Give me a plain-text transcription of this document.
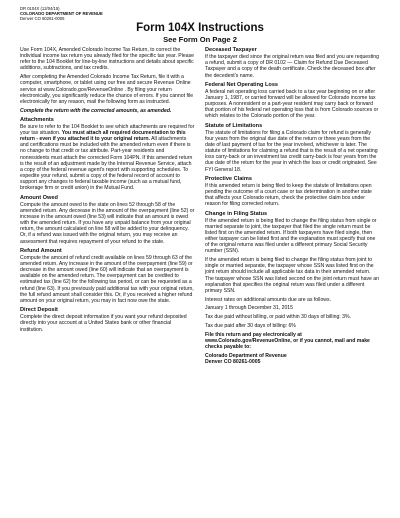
DR 0104X (12/04/15)
COLORADO DEPARTMENT OF REVENUE
Denver CO 80261-0005
Form 104X Instructions
See Form On Page 2

Use Form 104X, Amended Colorado Income Tax Return, to correct the individual income tax return you already filed for the specific tax year. Please refer to the 104 Booklet for line-by-line instructions and details about specific additions, subtractions, and tax credits.

After completing the Amended Colorado Income Tax Return, file it with a computer, smartphone, or tablet using our free and secure Revenue Online service at www.Colorado.gov/RevenueOnline . By filing your return electronically, you significantly reduce the chance of errors. If you cannot file electronically for any reason, mail the following form as instructed.

Complete the return with the corrected amounts, as amended.

Attachments

Be sure to refer to the 104 Booklet to see which attachments are required for your tax situation. You must attach all required documentation to this return - even if you attached it to your original return. All attachments and certifications must be included with the amended return even if there is no change to that credit or tax attribute. Part-year residents and nonresidents must attach the corrected Form 104PN. If this amended return is the result of an adjustment made by the Internal Revenue Service, attach a copy of the federal revenue agent's report with supporting schedules. To expedite your refund, submit a copy of the federal record of account to support any changes to federal taxable income (such as a mutual fund, brokerage firm or credit union) in the Mutual Fund.

Amount Owed

Compute the amount owed to the state on lines 52 through 58 of the amended return. Any decrease in the amount of the overpayment (line 52) or increase in the amount owed (line 53) will indicate that an amount is owed with the amended return. If you have any unpaid balance from your original return, the amount calculated on line 58 will be added to your delinquency. Or, if a refund was issued with the original return, you may receive an assessment that requires repayment of your refund to the state.

Refund Amount

Compute the amount of refund credit available on lines 59 through 63 of the amended return. Any increase in the amount of the overpayment (line 59) or decrease in the amount owed (line 60) will indicate that an overpayment is available on the amended return. The overpayment can be credited to estimated tax (line 62) for the following tax period, or can be requested as a refund (line 63). If you previously paid additional tax with your original return, the full refund amount shall consider this. Or, if you received a higher refund amount on your original return, you may in fact now owe the state.

Direct Deposit

Complete the direct deposit information if you want your refund deposited directly into your account at a United States bank or other financial institution.

Deceased Taxpayer

If the taxpayer died since the original return was filed and you are requesting a refund, submit a copy of DR 0102 — Claim for Refund Due Deceased Taxpayer and a copy of the death certificate. Check the deceased box after the decedent's name.

Federal Net Operating Loss

A federal net operating loss carried back to a tax year beginning on or after January 1, 1987, or carried forward will be allowed for Colorado income tax purposes. A nonresident or a part-year resident may carry back or forward that portion of his federal net operating loss that is from Colorado sources or which relates to the Colorado portion of the year.

Statute of Limitations

The statute of limitations for filing a Colorado claim for refund is generally four years from the original due date of the return or three years from the date of last payment of tax for the year involved, whichever is later. The statute of limitations for claiming a refund that is the result of a net operating loss carry-back or an investment tax credit carry-back is four years from the due date of the return for the year in which the loss or credit originated. See FYI General 18.

Protective Claims

If this amended return is being filed to keep the statute of limitations open pending the outcome of a court case or tax determination in another state that affects your Colorado return, check the protective claim box under reason for filing corrected return.

Change in Filing Status

If the amended return is being filed to change the filing status from single or married separate to joint, the taxpayer that filed the single return must be listed first on the amended return. If both taxpayers have filed single, then either taxpayer can be listed first and the explanation must specify that one of the original returns was filed under a different primary Social Security number (SSN).

If the amended return is being filed to change the filing status from joint to single or married separate, the taxpayer whose SSN was listed first on the joint return should include all applicable tax data in their amended return. The taxpayer whose SSN was listed second on the joint return must have an explanation that specifies the original return was filed under a different primary SSN.

Interest rates on additional amounts due are as follows.

January 1 through December 31, 2015

Tax due paid without billing, or paid within 30 days of billing: 3%.

Tax due paid after 30 days of billing: 6%

File this return and pay electronically at www.Colorado.gov/RevenueOnline, or if you cannot, mail and make checks payable to:

Colorado Department of Revenue

Denver CO 80261-0005
